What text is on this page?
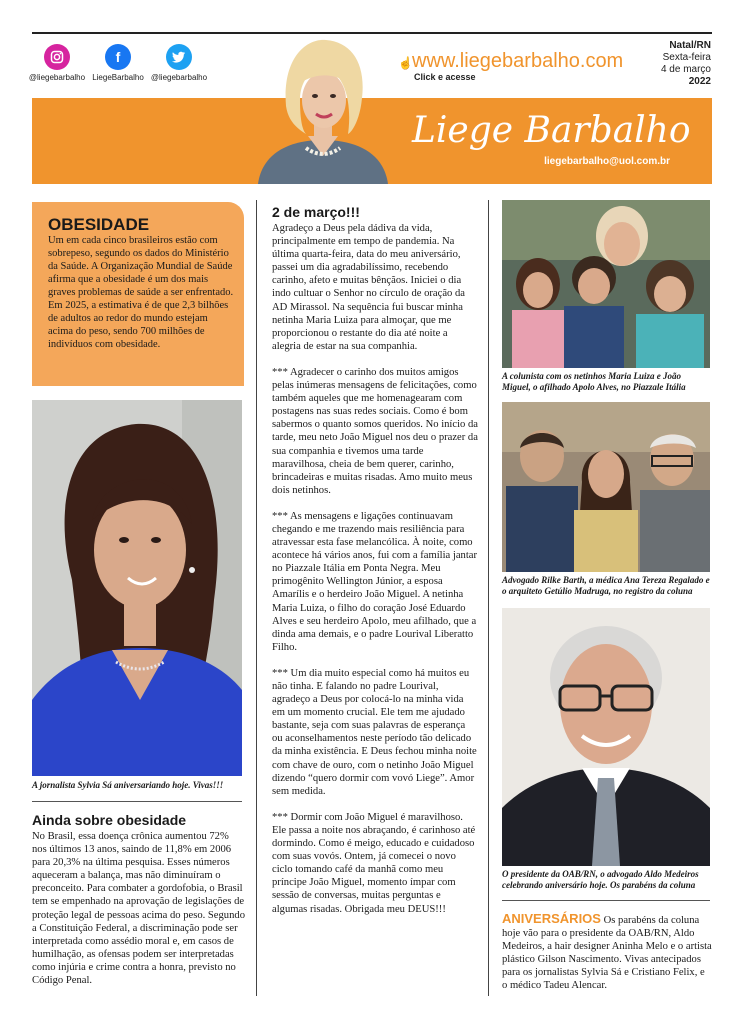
@liegebarbalho
f
LiegeBarbalho @liegebarbalho
☝ www.liegebarbalho.com
Click e acesse
Natal/RN
Sexta-feira
4 de março
2022
Liege Barbalho
liegebarbalho@uol.com.br
OBESIDADE

Um em cada cinco brasileiros estão com sobrepeso, segundo os dados do Ministério da Saúde. A Organização Mundial de Saúde afirma que a obesidade é um dos mais graves problemas de saúde a ser enfrentado. Em 2025, a estimativa é de que 2,3 bilhões de adultos ao redor do mundo estejam acima do peso, sendo 700 milhões de indivíduos com obesidade.

A jornalista Sylvia Sá aniversariando hoje. Vivas!!!
Ainda sobre obesidade

No Brasil, essa doença crônica aumentou 72% nos últimos 13 anos, saindo de 11,8% em 2006 para 20,3% na última pesquisa. Esses números aqueceram a balança, mas não diminuíram o preconceito. Para combater a gordofobia, o Brasil tem se empenhado na aprovação de legislações de proteção legal de pessoas acima do peso. Segundo a Constituição Federal, a discriminação pode ser interpretada como assédio moral e, em casos de humilhação, as ofensas podem ser interpretadas como injúria e crime contra a honra, previsto no Código Penal.

2 de março!!!

Agradeço a Deus pela dádiva da vida, principalmente em tempo de pandemia. Na última quarta-feira, data do meu aniversário, passei um dia agradabilíssimo, recebendo carinho, afeto e muitas bênçãos. Iniciei o dia indo cultuar o Senhor no círculo de oração da AD Mirassol. Na sequência fui buscar minha netinha Maria Luiza para almoçar, que me proporcionou o restante do dia até noite a alegria de estar na sua companhia.

*** Agradecer o carinho dos muitos amigos pelas inúmeras mensagens de felicitações, como também aqueles que me homenagearam com postagens nas suas redes sociais. Como é bom sabermos o quanto somos queridos. No início da tarde, meu neto João Miguel nos deu o prazer da sua companhia e tivemos uma tarde maravilhosa, cheia de bem querer, carinho, brincadeiras e muitas risadas. Amo muito meus dois netinhos.

*** As mensagens e ligações continuavam chegando e me trazendo mais resiliência para atravessar esta fase melancólica. À noite, como acontece há vários anos, fui com a família jantar no Piazzale Itália em Ponta Negra. Meu primogênito Wellington Júnior, a esposa Amarílis e o herdeiro João Miguel. A netinha Maria Luiza, o filho do coração José Eduardo Alves e seu herdeiro Apolo, meu afilhado, que a dinda ama demais, e o padre Lourival Liberatto Filho.

*** Um dia muito especial como há muitos eu não tinha. E falando no padre Lourival, agradeço a Deus por colocá-lo na minha vida em um momento crucial. Ele tem me ajudado bastante, seja com suas palavras de esperança ou aconselhamentos neste período tão delicado da minha existência. E Deus fechou minha noite com chave de ouro, com o netinho João Miguel dizendo “quero dormir com vovó Liege”. Amor sem medida.

*** Dormir com João Miguel é maravilhoso. Ele passa a noite nos abraçando, é carinhoso até dormindo. Como é meigo, educado e cuidadoso com suas vovós. Ontem, já comecei o novo ciclo tomando café da manhã como meu príncipe João Miguel, momento ímpar com sessão de conversas, muitas perguntas e algumas risadas. Obrigada meu DEUS!!!

A colunista com os netinhos Maria Luiza e João Miguel, o afilhado Apolo Alves, no Piazzale Itália
Advogado Rilke Barth, a médica Ana Tereza Regalado e o arquiteto Getúlio Madruga, no registro da coluna
O presidente da OAB/RN, o advogado Aldo Medeiros celebrando aniversário hoje. Os parabéns da coluna

ANIVERSÁRIOS Os parabéns da coluna hoje vão para o presidente da OAB/RN, Aldo Medeiros, a hair designer Aninha Melo e o artista plástico Gilson Nascimento. Vivas antecipados para os jornalistas Sylvia Sá e Cristiano Felix, e o médico Tadeu Alencar.
